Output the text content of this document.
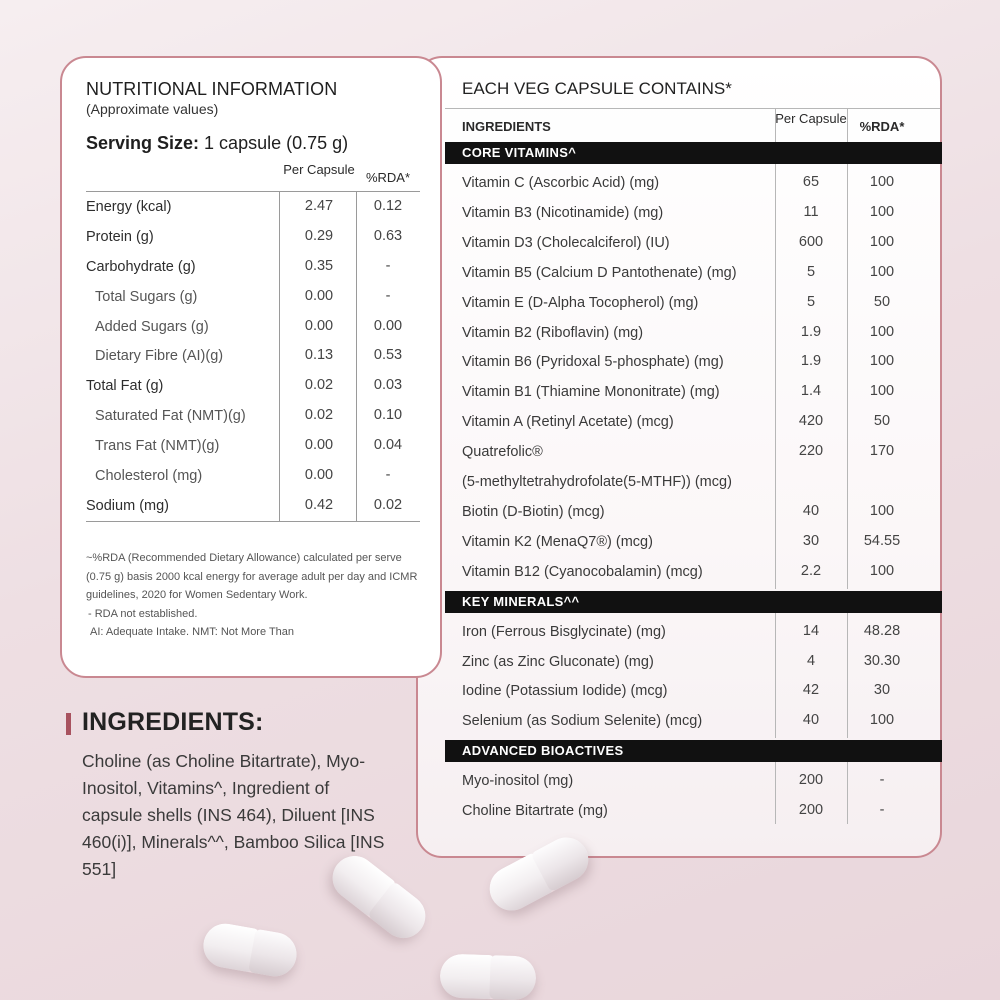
NUTRITIONAL INFORMATION
(Approximate values)
Serving Size: 1 capsule (0.75 g)
Per Capsule
%RDA*
Energy (kcal)	2.47	0.12
Protein (g)	0.29	0.63
Carbohydrate (g)	0.35	-
Total Sugars (g)	0.00	-
Added Sugars (g)	0.00	0.00
Dietary Fibre (AI)(g)	0.13	0.53
Total Fat (g)	0.02	0.03
Saturated Fat (NMT)(g)	0.02	0.10
Trans Fat (NMT)(g)	0.00	0.04
Cholesterol (mg)	0.00	-
Sodium (mg)	0.42	0.02
~%RDA (Recommended Dietary Allowance) calculated per serve (0.75 g) basis 2000 kcal energy for average adult per day and ICMR guidelines, 2020 for Women Sedentary Work.
- RDA not established.
AI: Adequate Intake. NMT: Not More Than
INGREDIENTS:
Choline (as Choline Bitartrate), Myo-Inositol, Vitamins^, Ingredient of capsule shells (INS 464), Diluent [INS 460(i)], Minerals^^, Bamboo Silica [INS 551]
EACH VEG CAPSULE CONTAINS*
INGREDIENTS
Per Capsule
%RDA*
CORE VITAMINS^
Vitamin C (Ascorbic Acid) (mg)	65	100
Vitamin B3 (Nicotinamide) (mg)	11	100
Vitamin D3 (Cholecalciferol) (IU)	600	100
Vitamin B5 (Calcium D Pantothenate) (mg)	5	100
Vitamin E (D-Alpha Tocopherol) (mg)	5	50
Vitamin B2 (Riboflavin) (mg)	1.9	100
Vitamin B6 (Pyridoxal 5-phosphate) (mg)	1.9	100
Vitamin B1 (Thiamine Mononitrate) (mg)	1.4	100
Vitamin A (Retinyl Acetate) (mcg)	420	50
Quatrefolic®	220	170
(5-methyltetrahydrofolate(5-MTHF)) (mcg)
Biotin (D-Biotin) (mcg)	40	100
Vitamin K2 (MenaQ7®) (mcg)	30	54.55
Vitamin B12 (Cyanocobalamin) (mcg)	2.2	100
KEY MINERALS^^
Iron (Ferrous Bisglycinate) (mg)	14	48.28
Zinc (as Zinc Gluconate) (mg)	4	30.30
Iodine (Potassium Iodide) (mcg)	42	30
Selenium (as Sodium Selenite) (mcg)	40	100
ADVANCED BIOACTIVES
Myo-inositol (mg)	200	-
Choline Bitartrate (mg)	200	-
